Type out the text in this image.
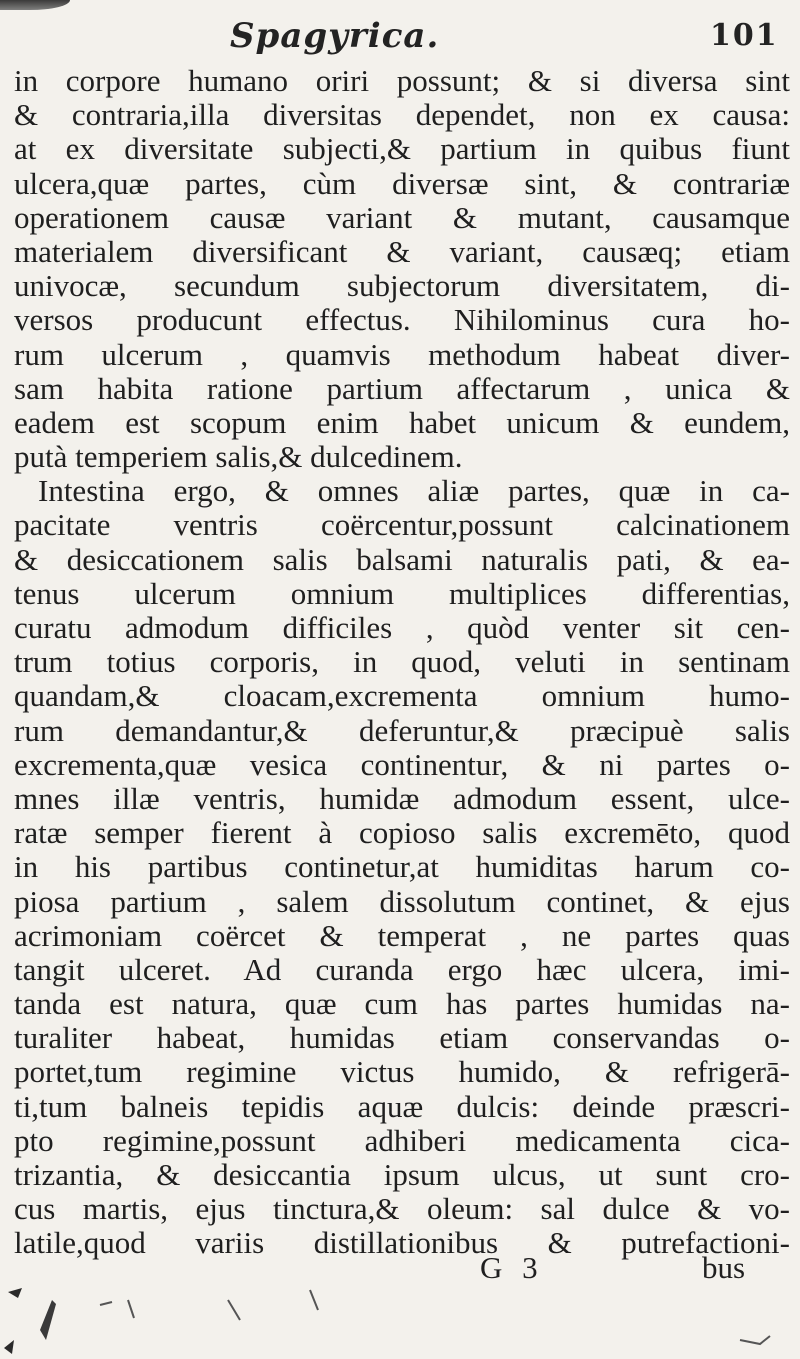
Spagyrica.	101
in corpore humano oriri possunt; & si diversa sint
& contraria,illa diversitas dependet, non ex causa:
at ex diversitate subjecti,& partium in quibus fiunt
ulcera,quæ partes, cùm diversæ sint, & contrariæ
operationem causæ variant & mutant, causamque
materialem diversificant & variant, causæq; etiam
univocæ, secundum subjectorum diversitatem, di-
versos producunt effectus. Nihilominus cura ho-
rum ulcerum , quamvis methodum habeat diver-
sam habita ratione partium affectarum , unica &
eadem est scopum enim habet unicum & eundem,
putà temperiem salis,& dulcedinem.
Intestina ergo, & omnes aliæ partes, quæ in ca-
pacitate ventris coërcentur,possunt calcinationem
& desiccationem salis balsami naturalis pati, & ea-
tenus ulcerum omnium multiplices differentias,
curatu admodum difficiles , quòd venter sit cen-
trum totius corporis, in quod, veluti in sentinam
quandam,& cloacam,excrementa omnium humo-
rum demandantur,& deferuntur,& præcipuè salis
excrementa,quæ vesica continentur, & ni partes o-
mnes illæ ventris, humidæ admodum essent, ulce-
ratæ semper fierent à copioso salis excremēto, quod
in his partibus continetur,at humiditas harum co-
piosa partium , salem dissolutum continet, & ejus
acrimoniam coërcet & temperat , ne partes quas
tangit ulceret. Ad curanda ergo hæc ulcera, imi-
tanda est natura, quæ cum has partes humidas na-
turaliter habeat, humidas etiam conservandas o-
portet,tum regimine victus humido, & refrigerā-
ti,tum balneis tepidis aquæ dulcis: deinde præscri-
pto regimine,possunt adhiberi medicamenta cica-
trizantia, & desiccantia ipsum ulcus, ut sunt cro-
cus martis, ejus tinctura,& oleum: sal dulce & vo-
latile,quod variis distillationibus & putrefactioni-
G 3	bus
